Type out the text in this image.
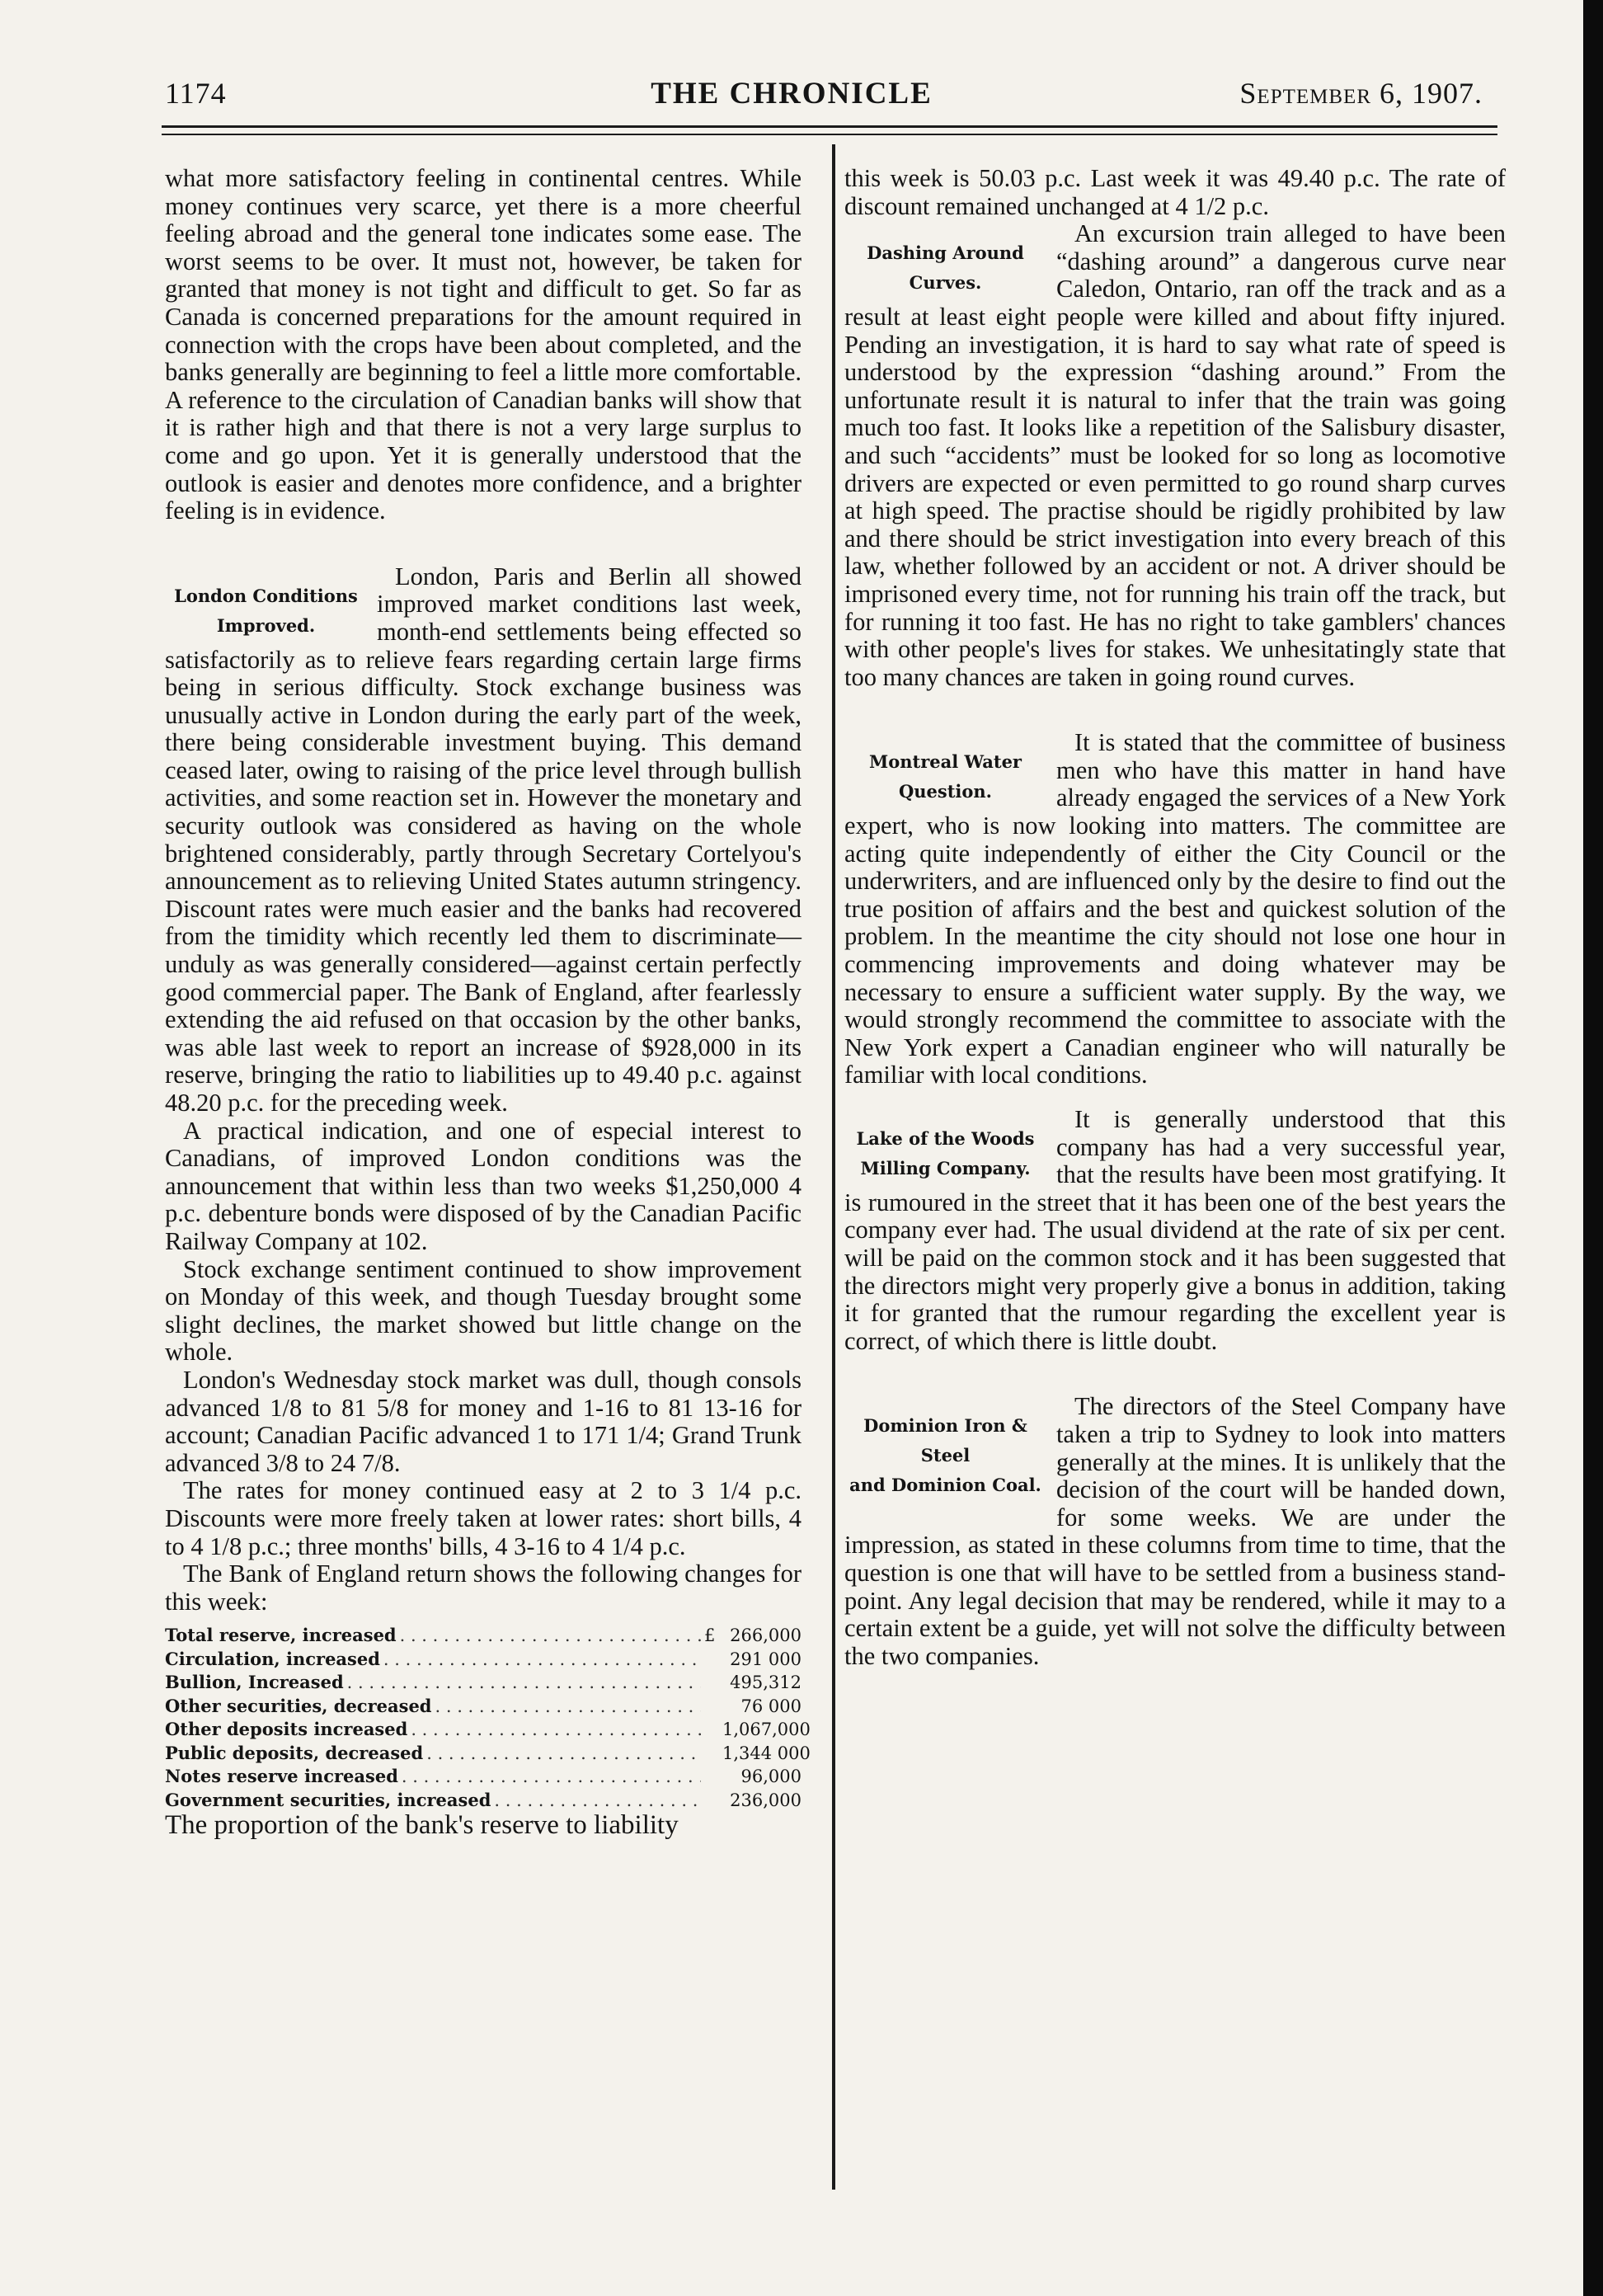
1174	THE CHRONICLE	September 6, 1907.

what more satisfactory feeling in continental centres. While money continues very scarce, yet there is a more cheerful feeling abroad and the general tone indicates some ease. The worst seems to be over. It must not, however, be taken for granted that money is not tight and difficult to get. So far as Canada is concerned preparations for the amount required in connection with the crops have been about completed, and the banks generally are beginning to feel a little more comfortable. A reference to the circulation of Canadian banks will show that it is rather high and that there is not a very large surplus to come and go upon. Yet it is generally understood that the outlook is easier and denotes more confidence, and a brighter feeling is in evidence.

London Conditions
Improved.

London, Paris and Berlin all showed improved market conditions last week, month-end settlements being effected so satisfactorily as to relieve fears regarding certain large firms being in serious difficulty. Stock exchange business was unusually active in London during the early part of the week, there being considerable investment buying. This demand ceased later, owing to raising of the price level through bullish activities, and some reaction set in. However the monetary and security outlook was considered as having on the whole brightened considerably, partly through Secretary Cortelyou's announcement as to relieving United States autumn stringency. Discount rates were much easier and the banks had recovered from the timidity which recently led them to discriminate—unduly as was generally considered—against certain perfectly good commercial paper. The Bank of England, after fearlessly extending the aid refused on that occasion by the other banks, was able last week to report an increase of $928,000 in its reserve, bringing the ratio to liabilities up to 49.40 p.c. against 48.20 p.c. for the preceding week.

A practical indication, and one of especial interest to Canadians, of improved London conditions was the announcement that within less than two weeks $1,250,000 4 p.c. debenture bonds were disposed of by the Canadian Pacific Railway Company at 102.

Stock exchange sentiment continued to show improvement on Monday of this week, and though Tuesday brought some slight declines, the market showed but little change on the whole.

London's Wednesday stock market was dull, though consols advanced 1/8 to 81 5/8 for money and 1-16 to 81 13-16 for account; Canadian Pacific advanced 1 to 171 1/4; Grand Trunk advanced 3/8 to 24 7/8.

The rates for money continued easy at 2 to 3 1/4 p.c. Discounts were more freely taken at lower rates: short bills, 4 to 4 1/8 p.c.; three months' bills, 4 3-16 to 4 1/4 p.c.

The Bank of England return shows the following changes for this week:

Total reserve, increased . . .	£ 266,000
Circulation, increased . . .	291 000
Bullion, Increased . . .	495,312
Other securities, decreased . . .	76 000
Other deposits increased . . .	1,067,000
Public deposits, decreased . . .	1,344 000
Notes reserve increased . . .	96,000
Government securities, increased . . .	236,000

The proportion of the bank's reserve to liability

this week is 50.03 p.c. Last week it was 49.40 p.c. The rate of discount remained unchanged at 4 1/2 p.c.

Dashing Around
Curves.

An excursion train alleged to have been “dashing around” a dangerous curve near Caledon, Ontario, ran off the track and as a result at least eight people were killed and about fifty injured. Pending an investigation, it is hard to say what rate of speed is understood by the expression “dashing around.” From the unfortunate result it is natural to infer that the train was going much too fast. It looks like a repetition of the Salisbury disaster, and such “accidents” must be looked for so long as locomotive drivers are expected or even permitted to go round sharp curves at high speed. The practise should be rigidly prohibited by law and there should be strict investigation into every breach of this law, whether followed by an accident or not. A driver should be imprisoned every time, not for running his train off the track, but for running it too fast. He has no right to take gamblers' chances with other people's lives for stakes. We unhesitatingly state that too many chances are taken in going round curves.

Montreal Water
Question.

It is stated that the committee of business men who have this matter in hand have already engaged the services of a New York expert, who is now looking into matters. The committee are acting quite independently of either the City Council or the underwriters, and are influenced only by the desire to find out the true position of affairs and the best and quickest solution of the problem. In the meantime the city should not lose one hour in commencing improvements and doing whatever may be necessary to ensure a sufficient water supply. By the way, we would strongly recommend the committee to associate with the New York expert a Canadian engineer who will naturally be familiar with local conditions.

Lake of the Woods
Milling Company.

It is generally understood that this company has had a very successful year, that the results have been most gratifying. It is rumoured in the street that it has been one of the best years the company ever had. The usual dividend at the rate of six per cent. will be paid on the common stock and it has been suggested that the directors might very properly give a bonus in addition, taking it for granted that the rumour regarding the excellent year is correct, of which there is little doubt.

Dominion Iron & Steel
and Dominion Coal.

The directors of the Steel Company have taken a trip to Sydney to look into matters generally at the mines. It is unlikely that the decision of the court will be handed down, for some weeks. We are under the impression, as stated in these columns from time to time, that the question is one that will have to be settled from a business stand-point. Any legal decision that may be rendered, while it may to a certain extent be a guide, yet will not solve the difficulty between the two companies.
